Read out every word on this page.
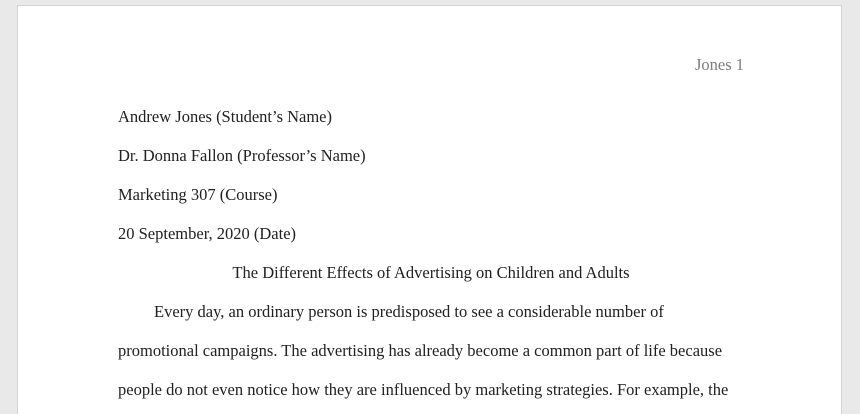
Jones 1

Andrew Jones (Student’s Name)

Dr. Donna Fallon (Professor’s Name)

Marketing 307 (Course)

20 September, 2020 (Date)

The Different Effects of Advertising on Children and Adults

Every day, an ordinary person is predisposed to see a considerable number of

promotional campaigns. The advertising has already become a common part of life because

people do not even notice how they are influenced by marketing strategies. For example, the
